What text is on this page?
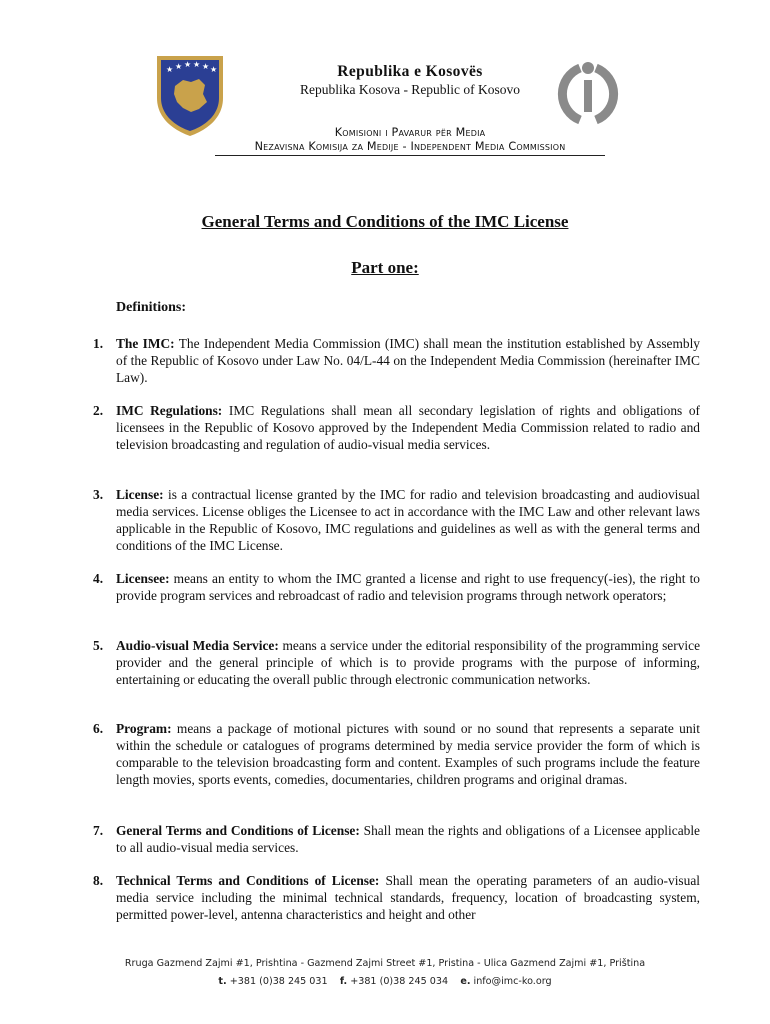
★ ★ ★ ★ ★ ★	Republika e Kosovës
Republika Kosova - Republic of Kosovo
Komisioni i Pavarur për Media
Nezavisna Komisija za Medije - Independent Media Commission
General Terms and Conditions of the IMC License
Part one:
Definitions:
1. The IMC: The Independent Media Commission (IMC) shall mean the institution established by Assembly of the Republic of Kosovo under Law No. 04/L-44 on the Independent Media Commission (hereinafter IMC Law).
2. IMC Regulations: IMC Regulations shall mean all secondary legislation of rights and obligations of licensees in the Republic of Kosovo approved by the Independent Media Commission related to radio and television broadcasting and regulation of audio-visual media services.
3. License: is a contractual license granted by the IMC for radio and television broadcasting and audiovisual media services. License obliges the Licensee to act in accordance with the IMC Law and other relevant laws applicable in the Republic of Kosovo, IMC regulations and guidelines as well as with the general terms and conditions of the IMC License.
4. Licensee: means an entity to whom the IMC granted a license and right to use frequency(-ies), the right to provide program services and rebroadcast of radio and television programs through network operators;
5. Audio-visual Media Service: means a service under the editorial responsibility of the programming service provider and the general principle of which is to provide programs with the purpose of informing, entertaining or educating the overall public through electronic communication networks.
6. Program: means a package of motional pictures with sound or no sound that represents a separate unit within the schedule or catalogues of programs determined by media service provider the form of which is comparable to the television broadcasting form and content. Examples of such programs include the feature length movies, sports events, comedies, documentaries, children programs and original dramas.
7. General Terms and Conditions of License: Shall mean the rights and obligations of a Licensee applicable to all audio-visual media services.
8. Technical Terms and Conditions of License: Shall mean the operating parameters of an audio-visual media service including the minimal technical standards, frequency, location of broadcasting system, permitted power-level, antenna characteristics and height and other
Rruga Gazmend Zajmi #1, Prishtina - Gazmend Zajmi Street #1, Pristina - Ulica Gazmend Zajmi #1, Priština
t. +381 (0)38 245 031 f. +381 (0)38 245 034 e. info@imc-ko.org
